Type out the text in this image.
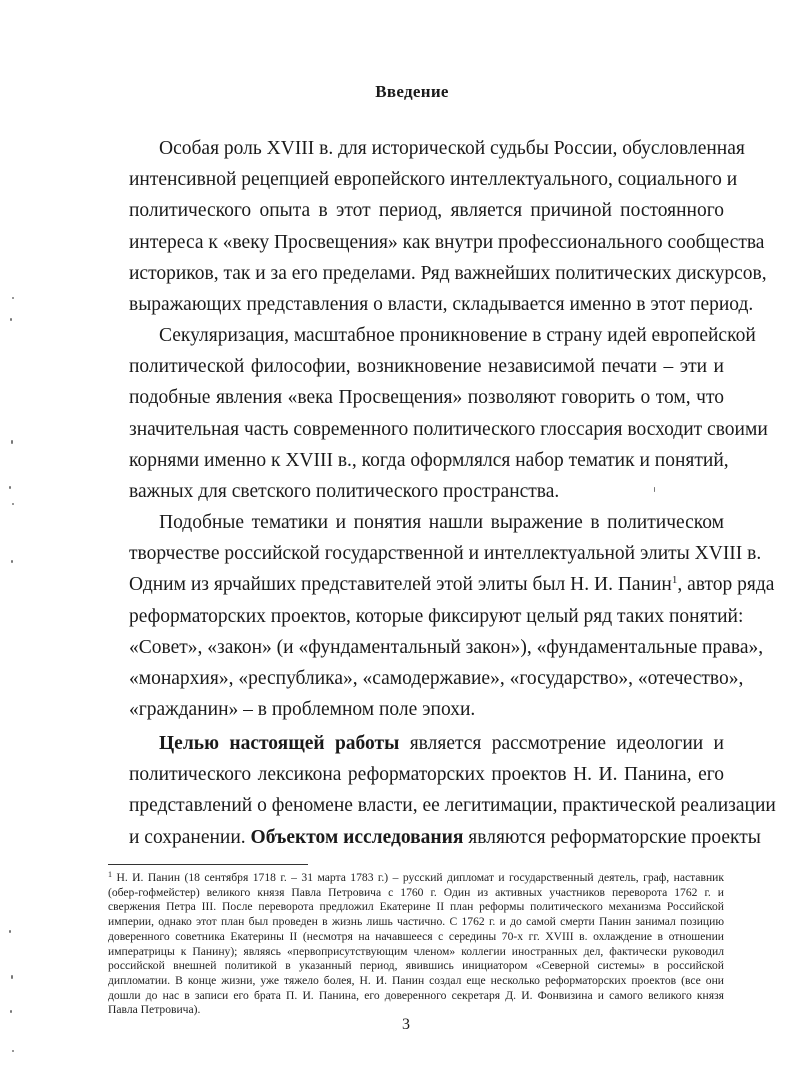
Введение
Особая роль XVIII в. для исторической судьбы России, обусловленная
интенсивной рецепцией европейского интеллектуального, социального и
политического опыта в этот период, является причиной постоянного
интереса к «веку Просвещения» как внутри профессионального сообщества
историков, так и за его пределами. Ряд важнейших политических дискурсов,
выражающих представления о власти, складывается именно в этот период.
Секуляризация, масштабное проникновение в страну идей европейской
политической философии, возникновение независимой печати – эти и
подобные явления «века Просвещения» позволяют говорить о том, что
значительная часть современного политического глоссария восходит своими
корнями именно к XVIII в., когда оформлялся набор тематик и понятий,
важных для светского политического пространства.
Подобные тематики и понятия нашли выражение в политическом
творчестве российской государственной и интеллектуальной элиты XVIII в.
Одним из ярчайших представителей этой элиты был Н. И. Панин$^1$, автор ряда
реформаторских проектов, которые фиксируют целый ряд таких понятий:
«Совет», «закон» (и «фундаментальный закон»), «фундаментальные права»,
«монархия», «республика», «самодержавие», «государство», «отечество»,
«гражданин» – в проблемном поле эпохи.
Целью настоящей работы является рассмотрение идеологии и
политического лексикона реформаторских проектов Н. И. Панина, его
представлений о феномене власти, ее легитимации, практической реализации
и сохранении. Объектом исследования являются реформаторские проекты
$^1$ Н. И. Панин (18 сентября 1718 г. – 31 марта 1783 г.) – русский дипломат и государственный деятель, граф, наставник
(обер-гофмейстер) великого князя Павла Петровича с 1760 г. Один из активных участников переворота 1762 г. и
свержения Петра III. После переворота предложил Екатерине II план реформы политического механизма Российской
империи, однако этот план был проведен в жизнь лишь частично. С 1762 г. и до самой смерти Панин занимал позицию
доверенного советника Екатерины II (несмотря на начавшееся с середины 70-х гг. XVIII в. охлаждение в отношении
императрицы к Панину); являясь «первоприсутствующим членом» коллегии иностранных дел, фактически руководил
российской внешней политикой в указанный период, явившись инициатором «Северной системы» в российской
дипломатии. В конце жизни, уже тяжело болея, Н. И. Панин создал еще несколько реформаторских проектов (все они
дошли до нас в записи его брата П. И. Панина, его доверенного секретаря Д. И. Фонвизина и самого великого князя
Павла Петровича).
3
